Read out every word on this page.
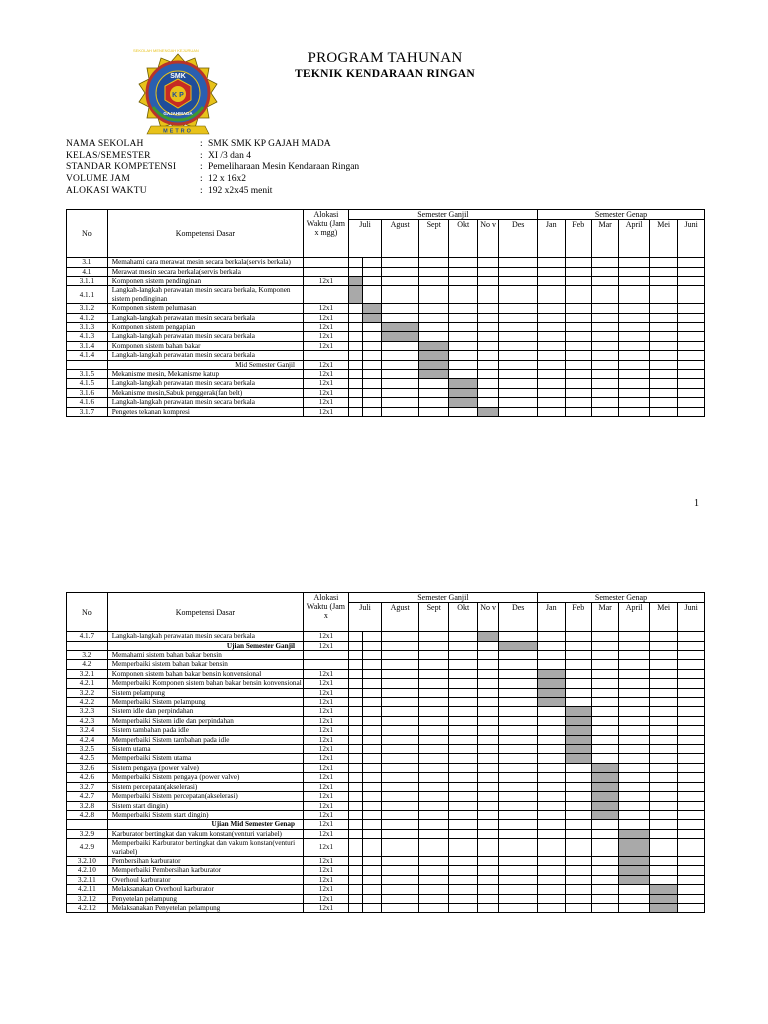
SEKOLAH MENENGAH KEJURUAN
SMK
K P
GAJAHMADA
METRO
PROGRAM TAHUNAN
TEKNIK KENDARAAN RINGAN
NAMA SEKOLAH	: SMK SMK KP GAJAH MADA
KELAS/SEMESTER	: XI /3 dan 4
STANDAR KOMPETENSI	: Pemeliharaan Mesin Kendaraan Ringan
VOLUME JAM	: 12 x 16x2
ALOKASI WAKTU	: 192 x2x45 menit
No	Kompetensi Dasar	Alokasi Waktu (Jam x mgg)	Semester Ganjil							Semester Genap					
			Juli		Agust	Sept	Okt	No v	Des	Jan	Feb	Mar	April	Mei	Juni
3.1	Memahami cara merawat mesin secara berkala(servis berkala)														
4.1	Merawat mesin secara berkala(servis berkala														
3.1.1	Komponen sistem pendinginan	12x1													
4.1.1	Langkah-langkah perawatan mesin secara berkala, Komponen sistem pendinginan														
3.1.2	Komponen sistem pelumasan	12x1													
4.1.2	Langkah-langkah perawatan mesin secara berkala	12x1													
3.1.3	Komponen sistem pengapian	12x1													
4.1.3	Langkah-langkah perawatan mesin secara berkala	12x1													
3.1.4	Komponen sistem bahan bakar	12x1													
4.1.4	Langkah-langkah perawatan mesin secara berkala														
	Mid Semester Ganjil	12x1													
3.1.5	Mekanisme mesin, Mekanisme katup	12x1													
4.1.5	Langkah-langkah perawatan mesin secara berkala	12x1													
3.1.6	Mekanisme mesin,Sabuk penggerak(fan belt)	12x1													
4.1.6	Langkah-langkah perawatan mesin secara berkala	12x1													
3.1.7	Pengetes tekanan kompresi	12x1													
1
No	Kompetensi Dasar	Alokasi Waktu (Jam x	Semester Ganjil							Semester Genap					
			Juli		Agust	Sept	Okt	No v	Des	Jan	Feb	Mar	April	Mei	Juni
4.1.7	Langkah-langkah perawatan mesin secara berkala	12x1													
	Ujian Semester Ganjil	12x1													
3.2	Memahami sistem bahan bakar bensin														
4.2	Memperbaiki sistem bahan bakar bensin														
3.2.1	Komponen sistem bahan bakar bensin konvensional	12x1													
4.2.1	Memperbaiki Komponen sistem bahan bakar bensin konvensional	12x1													
3.2.2	Sistem pelampung	12x1													
4.2.2	Memperbaiki Sistem pelampung	12x1													
3.2.3	Sistem idle dan perpindahan	12x1													
4.2.3	Memperbaiki Sistem idle dan perpindahan	12x1													
3.2.4	Sistem tambahan pada idle	12x1													
4.2.4	Memperbaiki Sistem tambahan pada idle	12x1													
3.2.5	Sistem utama	12x1													
4.2.5	Memperbaiki Sistem utama	12x1													
3.2.6	Sistem pengaya (power valve)	12x1													
4.2.6	Memperbaiki Sistem pengaya (power valve)	12x1													
3.2.7	Sistem percepatan(akselerasi)	12x1													
4.2.7	Memperbaiki Sistem percepatan(akselerasi)	12x1													
3.2.8	Sistem start dingin)	12x1													
4.2.8	Memperbaiki Sistem start dingin)	12x1													
	Ujian Mid Semester Genap	12x1													
3.2.9	Karburator bertingkat dan vakum konstan(venturi variabel)	12x1													
4.2.9	Memperbaiki Karburator bertingkat dan vakum konstan(venturi variabel)	12x1													
3.2.10	Pembersihan karburator	12x1													
4.2.10	Memperbaiki Pembersihan karburator	12x1													
3.2.11	Overhoul karburator	12x1													
4.2.11	Melaksanakan Overhoul karburator	12x1													
3.2.12	Penyetelan pelampung	12x1													
4.2.12	Melaksanakan Penyetelan pelampung	12x1													
